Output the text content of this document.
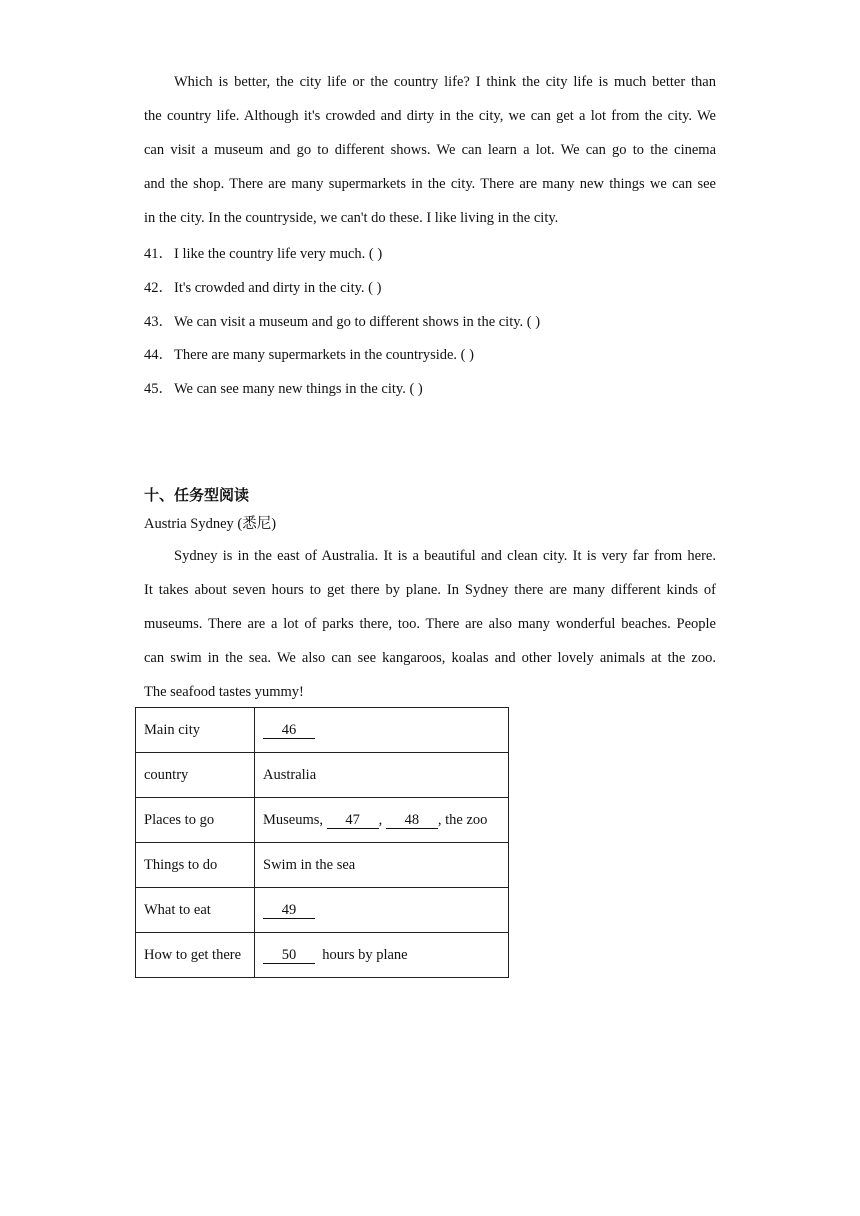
Which is better, the city life or the country life? I think the city life is much better than
the country life. Although it's crowded and dirty in the city, we can get a lot from the city. We
can visit a museum and go to different shows. We can learn a lot. We can go to the cinema
and the shop. There are many supermarkets in the city. There are many new things we can see
in the city. In the countryside, we can't do these. I like living in the city.
41．I like the country life very much. ( )
42．It's crowded and dirty in the city. ( )
43．We can visit a museum and go to different shows in the city. ( )
44．There are many supermarkets in the countryside. ( )
45．We can see many new things in the city. ( )
十、任务型阅读
Austria Sydney (悉尼)
Sydney is in the east of Australia. It is a beautiful and clean city. It is very far from here.
It takes about seven hours to get there by plane. In Sydney there are many different kinds of
museums. There are a lot of parks there, too. There are also many wonderful beaches. People
can swim in the sea. We also can see kangaroos, koalas and other lovely animals at the zoo.
The seafood tastes yummy!
Main city	46
country	Australia
Places to go	Museums, 47 , 48 , the zoo
Things to do	Swim in the sea
What to eat	49
How to get there	50  hours by plane
